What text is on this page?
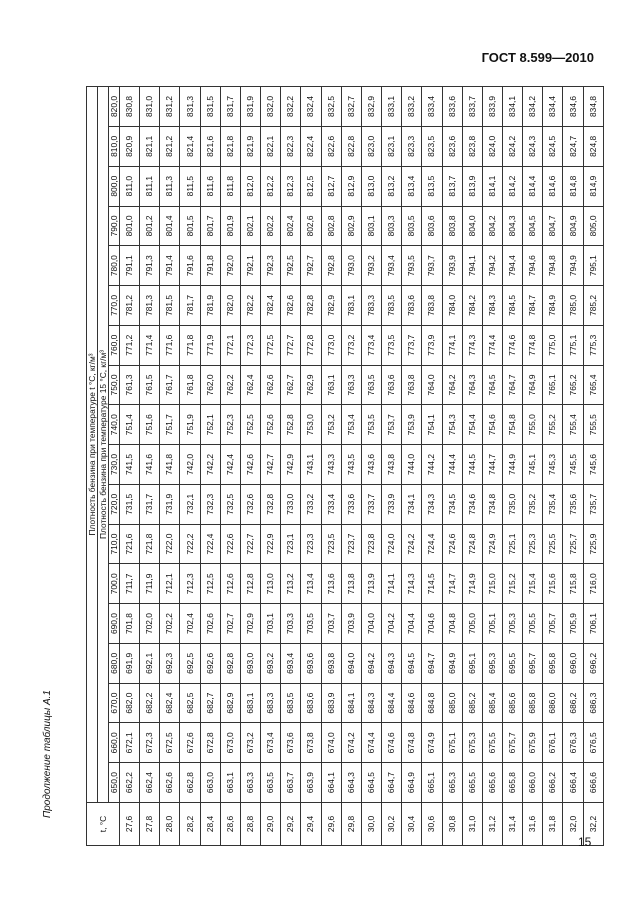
ГОСТ 8.599—2010
Продолжение таблицы А.1
t, °C	Плотность бензина при температуре t °С, кг/м³																	
	Плотность бензина при температуре 15 °С, кг/м³																	
	650,0	660,0	670,0	680,0	690,0	700,0	710,0	720,0	730,0	740,0	750,0	760,0	770,0	780,0	790,0	800,0	810,0	820,0
27,6	662,2	672,1	682,0	691,9	701,8	711,7	721,6	731,5	741,5	751,4	761,3	771,2	781,2	791,1	801,0	811,0	820,9	830,8
27,8	662,4	672,3	682,2	692,1	702,0	711,9	721,8	731,7	741,6	751,6	761,5	771,4	781,3	791,3	801,2	811,1	821,1	831,0
28,0	662,6	672,5	682,4	692,3	702,2	712,1	722,0	731,9	741,8	751,7	761,7	771,6	781,5	791,4	801,4	811,3	821,2	831,2
28,2	662,8	672,6	682,5	692,5	702,4	712,3	722,2	732,1	742,0	751,9	761,8	771,8	781,7	791,6	801,5	811,5	821,4	831,3
28,4	663,0	672,8	682,7	692,6	702,6	712,5	722,4	732,3	742,2	752,1	762,0	771,9	781,9	791,8	801,7	811,6	821,6	831,5
28,6	663,1	673,0	682,9	692,8	702,7	712,6	722,6	732,5	742,4	752,3	762,2	772,1	782,0	792,0	801,9	811,8	821,8	831,7
28,8	663,3	673,2	683,1	693,0	702,9	712,8	722,7	732,6	742,6	752,5	762,4	772,3	782,2	792,1	802,1	812,0	821,9	831,9
29,0	663,5	673,4	683,3	693,2	703,1	713,0	722,9	732,8	742,7	752,6	762,6	772,5	782,4	792,3	802,2	812,2	822,1	832,0
29,2	663,7	673,6	683,5	693,4	703,3	713,2	723,1	733,0	742,9	752,8	762,7	772,7	782,6	792,5	802,4	812,3	822,3	832,2
29,4	663,9	673,8	683,6	693,6	703,5	713,4	723,3	733,2	743,1	753,0	762,9	772,8	782,8	792,7	802,6	812,5	822,4	832,4
29,6	664,1	674,0	683,9	693,8	703,7	713,6	723,5	733,4	743,3	753,2	763,1	773,0	782,9	792,8	802,8	812,7	822,6	832,5
29,8	664,3	674,2	684,1	694,0	703,9	713,8	723,7	733,6	743,5	753,4	763,3	773,2	783,1	793,0	802,9	812,9	822,8	832,7
30,0	664,5	674,4	684,3	694,2	704,0	713,9	723,8	733,7	743,6	753,5	763,5	773,4	783,3	793,2	803,1	813,0	823,0	832,9
30,2	664,7	674,6	684,4	694,3	704,2	714,1	724,0	733,9	743,8	753,7	763,6	773,5	783,5	793,4	803,3	813,2	823,1	833,1
30,4	664,9	674,8	684,6	694,5	704,4	714,3	724,2	734,1	744,0	753,9	763,8	773,7	783,6	793,5	803,5	813,4	823,3	833,2
30,6	665,1	674,9	684,8	694,7	704,6	714,5	724,4	734,3	744,2	754,1	764,0	773,9	783,8	793,7	803,6	813,5	823,5	833,4
30,8	665,3	675,1	685,0	694,9	704,8	714,7	724,6	734,5	744,4	754,3	764,2	774,1	784,0	793,9	803,8	813,7	823,6	833,6
31,0	665,5	675,3	685,2	695,1	705,0	714,9	724,8	734,6	744,5	754,4	764,3	774,3	784,2	794,1	804,0	813,9	823,8	833,7
31,2	665,6	675,5	685,4	695,3	705,1	715,0	724,9	734,8	744,7	754,6	764,5	774,4	784,3	794,2	804,2	814,1	824,0	833,9
31,4	665,8	675,7	685,6	695,5	705,3	715,2	725,1	735,0	744,9	754,8	764,7	774,6	784,5	794,4	804,3	814,2	824,2	834,1
31,6	666,0	675,9	685,8	695,7	705,5	715,4	725,3	735,2	745,1	755,0	764,9	774,8	784,7	794,6	804,5	814,4	824,3	834,2
31,8	666,2	676,1	686,0	695,8	705,7	715,6	725,5	735,4	745,3	755,2	765,1	775,0	784,9	794,8	804,7	814,6	824,5	834,4
32,0	666,4	676,3	686,2	696,0	705,9	715,8	725,7	735,6	745,5	755,4	765,2	775,1	785,0	794,9	804,9	814,8	824,7	834,6
32,2	666,6	676,5	686,3	696,2	706,1	716,0	725,9	735,7	745,6	755,5	765,4	775,3	785,2	795,1	805,0	814,9	824,8	834,8
15
